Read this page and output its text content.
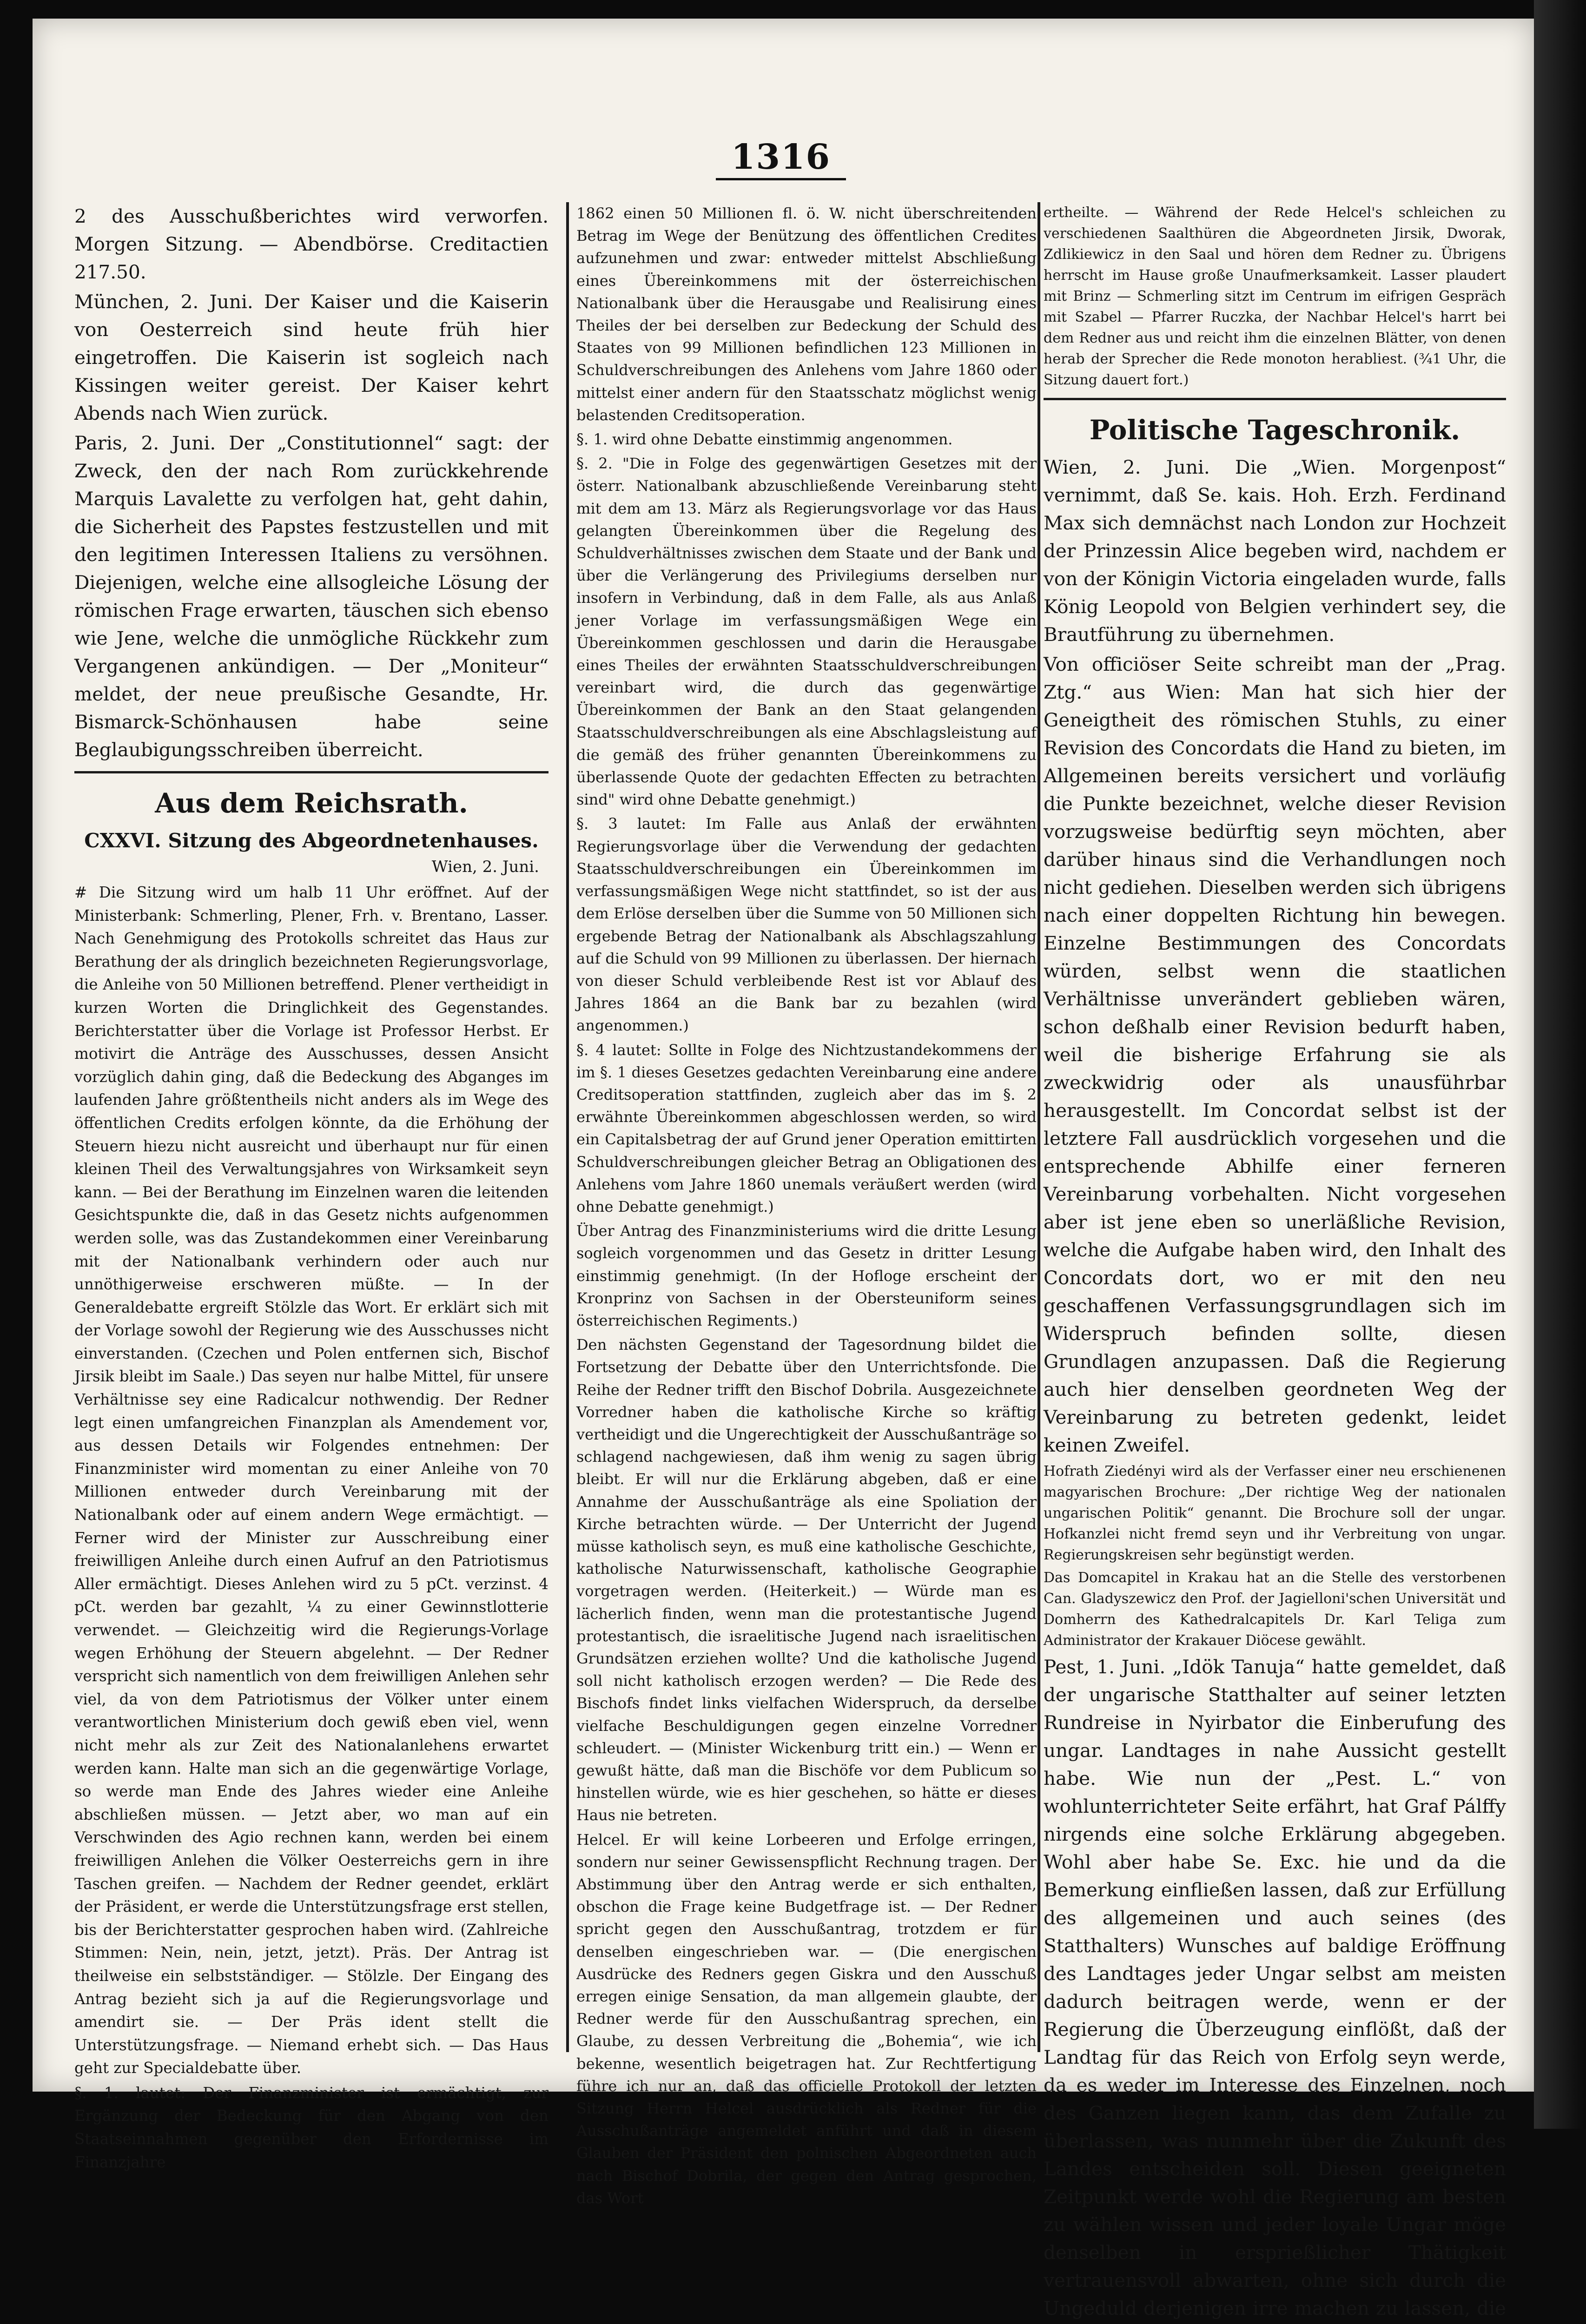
1316

2 des Ausschußberichtes wird verworfen. Morgen Sitzung. — Abendbörse. Creditactien 217.50.

München, 2. Juni. Der Kaiser und die Kaiserin von Oesterreich sind heute früh hier eingetroffen. Die Kaiserin ist sogleich nach Kissingen weiter gereist. Der Kaiser kehrt Abends nach Wien zurück.

Paris, 2. Juni. Der „Constitutionnel“ sagt: der Zweck, den der nach Rom zurückkehrende Marquis Lavalette zu verfolgen hat, geht dahin, die Sicherheit des Papstes festzustellen und mit den legitimen Interessen Italiens zu versöhnen. Diejenigen, welche eine allsogleiche Lösung der römischen Frage erwarten, täuschen sich ebenso wie Jene, welche die unmögliche Rückkehr zum Vergangenen ankündigen. — Der „Moniteur“ meldet, der neue preußische Gesandte, Hr. Bismarck-Schönhausen habe seine Beglaubigungsschreiben überreicht.

Aus dem Reichsrath.
CXXVI. Sitzung des Abgeordnetenhauses.
Wien, 2. Juni.

# Die Sitzung wird um halb 11 Uhr eröffnet. Auf der Ministerbank: Schmerling, Plener, Frh. v. Brentano, Lasser. Nach Genehmigung des Protokolls schreitet das Haus zur Berathung der als dringlich bezeichneten Regierungsvorlage, die Anleihe von 50 Millionen betreffend. Plener vertheidigt in kurzen Worten die Dringlichkeit des Gegenstandes. Berichterstatter über die Vorlage ist Professor Herbst. Er motivirt die Anträge des Ausschusses, dessen Ansicht vorzüglich dahin ging, daß die Bedeckung des Abganges im laufenden Jahre größtentheils nicht anders als im Wege des öffentlichen Credits erfolgen könnte, da die Erhöhung der Steuern hiezu nicht ausreicht und überhaupt nur für einen kleinen Theil des Verwaltungsjahres von Wirksamkeit seyn kann. — Bei der Berathung im Einzelnen waren die leitenden Gesichtspunkte die, daß in das Gesetz nichts aufgenommen werden solle, was das Zustandekommen einer Vereinbarung mit der Nationalbank verhindern oder auch nur unnöthigerweise erschweren müßte. — In der Generaldebatte ergreift Stölzle das Wort. Er erklärt sich mit der Vorlage sowohl der Regierung wie des Ausschusses nicht einverstanden. (Czechen und Polen entfernen sich, Bischof Jirsik bleibt im Saale.) Das seyen nur halbe Mittel, für unsere Verhältnisse sey eine Radicalcur nothwendig. Der Redner legt einen umfangreichen Finanzplan als Amendement vor, aus dessen Details wir Folgendes entnehmen: Der Finanzminister wird momentan zu einer Anleihe von 70 Millionen entweder durch Vereinbarung mit der Nationalbank oder auf einem andern Wege ermächtigt. — Ferner wird der Minister zur Ausschreibung einer freiwilligen Anleihe durch einen Aufruf an den Patriotismus Aller ermächtigt. Dieses Anlehen wird zu 5 pCt. verzinst. 4 pCt. werden bar gezahlt, ¼ zu einer Gewinnstlotterie verwendet. — Gleichzeitig wird die Regierungs-Vorlage wegen Erhöhung der Steuern abgelehnt. — Der Redner verspricht sich namentlich von dem freiwilligen Anlehen sehr viel, da von dem Patriotismus der Völker unter einem verantwortlichen Ministerium doch gewiß eben viel, wenn nicht mehr als zur Zeit des Nationalanlehens erwartet werden kann. Halte man sich an die gegenwärtige Vorlage, so werde man Ende des Jahres wieder eine Anleihe abschließen müssen. — Jetzt aber, wo man auf ein Verschwinden des Agio rechnen kann, werden bei einem freiwilligen Anlehen die Völker Oesterreichs gern in ihre Taschen greifen. — Nachdem der Redner geendet, erklärt der Präsident, er werde die Unterstützungsfrage erst stellen, bis der Berichterstatter gesprochen haben wird. (Zahlreiche Stimmen: Nein, nein, jetzt, jetzt). Präs. Der Antrag ist theilweise ein selbstständiger. — Stölzle. Der Eingang des Antrag bezieht sich ja auf die Regierungsvorlage und amendirt sie. — Der Präs ident stellt die Unterstützungsfrage. — Niemand erhebt sich. — Das Haus geht zur Specialdebatte über.

§. 1. lautet: Der Finanzminister ist ermächtigt, zur Ergänzung der Bedeckung für den Abgang von den Staatseinnahmen gegenüber den Erfordernisse im Finanzjahre

1862 einen 50 Millionen fl. ö. W. nicht überschreitenden Betrag im Wege der Benützung des öffentlichen Credites aufzunehmen und zwar: entweder mittelst Abschließung eines Übereinkommens mit der österreichischen Nationalbank über die Herausgabe und Realisirung eines Theiles der bei derselben zur Bedeckung der Schuld des Staates von 99 Millionen befindlichen 123 Millionen in Schuldverschreibungen des Anlehens vom Jahre 1860 oder mittelst einer andern für den Staatsschatz möglichst wenig belastenden Creditsoperation.

§. 1. wird ohne Debatte einstimmig angenommen.

§. 2. "Die in Folge des gegenwärtigen Gesetzes mit der österr. Nationalbank abzuschließende Vereinbarung steht mit dem am 13. März als Regierungsvorlage vor das Haus gelangten Übereinkommen über die Regelung des Schuldverhältnisses zwischen dem Staate und der Bank und über die Verlängerung des Privilegiums derselben nur insofern in Verbindung, daß in dem Falle, als aus Anlaß jener Vorlage im verfassungsmäßigen Wege ein Übereinkommen geschlossen und darin die Herausgabe eines Theiles der erwähnten Staatsschuldverschreibungen vereinbart wird, die durch das gegenwärtige Übereinkommen der Bank an den Staat gelangenden Staatsschuldverschreibungen als eine Abschlagsleistung auf die gemäß des früher genannten Übereinkommens zu überlassende Quote der gedachten Effecten zu betrachten sind" wird ohne Debatte genehmigt.)

§. 3 lautet: Im Falle aus Anlaß der erwähnten Regierungsvorlage über die Verwendung der gedachten Staatsschuldverschreibungen ein Übereinkommen im verfassungsmäßigen Wege nicht stattfindet, so ist der aus dem Erlöse derselben über die Summe von 50 Millionen sich ergebende Betrag der Nationalbank als Abschlagszahlung auf die Schuld von 99 Millionen zu überlassen. Der hiernach von dieser Schuld verbleibende Rest ist vor Ablauf des Jahres 1864 an die Bank bar zu bezahlen (wird angenommen.)

§. 4 lautet: Sollte in Folge des Nichtzustandekommens der im §. 1 dieses Gesetzes gedachten Vereinbarung eine andere Creditsoperation stattfinden, zugleich aber das im §. 2 erwähnte Übereinkommen abgeschlossen werden, so wird ein Capitalsbetrag der auf Grund jener Operation emittirten Schuldverschreibungen gleicher Betrag an Obligationen des Anlehens vom Jahre 1860 unemals veräußert werden (wird ohne Debatte genehmigt.)

Über Antrag des Finanzministeriums wird die dritte Lesung sogleich vorgenommen und das Gesetz in dritter Lesung einstimmig genehmigt. (In der Hofloge erscheint der Kronprinz von Sachsen in der Obersteuniform seines österreichischen Regiments.)

Den nächsten Gegenstand der Tagesordnung bildet die Fortsetzung der Debatte über den Unterrichtsfonde. Die Reihe der Redner trifft den Bischof Dobrila. Ausgezeichnete Vorredner haben die katholische Kirche so kräftig vertheidigt und die Ungerechtigkeit der Ausschußanträge so schlagend nachgewiesen, daß ihm wenig zu sagen übrig bleibt. Er will nur die Erklärung abgeben, daß er eine Annahme der Ausschußanträge als eine Spoliation der Kirche betrachten würde. — Der Unterricht der Jugend müsse katholisch seyn, es muß eine katholische Geschichte, katholische Naturwissenschaft, katholische Geographie vorgetragen werden. (Heiterkeit.) — Würde man es lächerlich finden, wenn man die protestantische Jugend protestantisch, die israelitische Jugend nach israelitischen Grundsätzen erziehen wollte? Und die katholische Jugend soll nicht katholisch erzogen werden? — Die Rede des Bischofs findet links vielfachen Widerspruch, da derselbe vielfache Beschuldigungen gegen einzelne Vorredner schleudert. — (Minister Wickenburg tritt ein.) — Wenn er gewußt hätte, daß man die Bischöfe vor dem Publicum so hinstellen würde, wie es hier geschehen, so hätte er dieses Haus nie betreten.

Helcel. Er will keine Lorbeeren und Erfolge erringen, sondern nur seiner Gewissenspflicht Rechnung tragen. Der Abstimmung über den Antrag werde er sich enthalten, obschon die Frage keine Budgetfrage ist. — Der Redner spricht gegen den Ausschußantrag, trotzdem er für denselben eingeschrieben war. — (Die energischen Ausdrücke des Redners gegen Giskra und den Ausschuß erregen einige Sensation, da man allgemein glaubte, der Redner werde für den Ausschußantrag sprechen, ein Glaube, zu dessen Verbreitung die „Bohemia“, wie ich bekenne, wesentlich beigetragen hat. Zur Rechtfertigung führe ich nur an, daß das officielle Protokoll der letzten Sitzung Herrn Helcel ausdrücklich als Redner für die Ausschußanträge angemeldet anführt und daß in diesem Glauben der Präsident den polnischen Abgeordneten auch nach Bischof Dobrila, der gegen den Antrag gesprochen, das Wort

ertheilte. — Während der Rede Helcel's schleichen zu verschiedenen Saalthüren die Abgeordneten Jirsik, Dworak, Zdlikiewicz in den Saal und hören dem Redner zu. Übrigens herrscht im Hause große Unaufmerksamkeit. Lasser plaudert mit Brinz — Schmerling sitzt im Centrum im eifrigen Gespräch mit Szabel — Pfarrer Ruczka, der Nachbar Helcel's harrt bei dem Redner aus und reicht ihm die einzelnen Blätter, von denen herab der Sprecher die Rede monoton herabliest. (¾1 Uhr, die Sitzung dauert fort.)

Politische Tageschronik.

Wien, 2. Juni. Die „Wien. Morgenpost“ vernimmt, daß Se. kais. Hoh. Erzh. Ferdinand Max sich demnächst nach London zur Hochzeit der Prinzessin Alice begeben wird, nachdem er von der Königin Victoria eingeladen wurde, falls König Leopold von Belgien verhindert sey, die Brautführung zu übernehmen.

Von officiöser Seite schreibt man der „Prag. Ztg.“ aus Wien: Man hat sich hier der Geneigtheit des römischen Stuhls, zu einer Revision des Concordats die Hand zu bieten, im Allgemeinen bereits versichert und vorläufig die Punkte bezeichnet, welche dieser Revision vorzugsweise bedürftig seyn möchten, aber darüber hinaus sind die Verhandlungen noch nicht gediehen. Dieselben werden sich übrigens nach einer doppelten Richtung hin bewegen. Einzelne Bestimmungen des Concordats würden, selbst wenn die staatlichen Verhältnisse unverändert geblieben wären, schon deßhalb einer Revision bedurft haben, weil die bisherige Erfahrung sie als zweckwidrig oder als unausführbar herausgestellt. Im Concordat selbst ist der letztere Fall ausdrücklich vorgesehen und die entsprechende Abhilfe einer ferneren Vereinbarung vorbehalten. Nicht vorgesehen aber ist jene eben so unerläßliche Revision, welche die Aufgabe haben wird, den Inhalt des Concordats dort, wo er mit den neu geschaffenen Verfassungsgrundlagen sich im Widerspruch befinden sollte, diesen Grundlagen anzupassen. Daß die Regierung auch hier denselben geordneten Weg der Vereinbarung zu betreten gedenkt, leidet keinen Zweifel.

Hofrath Ziedényi wird als der Verfasser einer neu erschienenen magyarischen Brochure: „Der richtige Weg der nationalen ungarischen Politik“ genannt. Die Brochure soll der ungar. Hofkanzlei nicht fremd seyn und ihr Verbreitung von ungar. Regierungskreisen sehr begünstigt werden.

Das Domcapitel in Krakau hat an die Stelle des verstorbenen Can. Gladyszewicz den Prof. der Jagielloni'schen Universität und Domherrn des Kathedralcapitels Dr. Karl Teliga zum Administrator der Krakauer Diöcese gewählt.

Pest, 1. Juni. „Idök Tanuja“ hatte gemeldet, daß der ungarische Statthalter auf seiner letzten Rundreise in Nyirbator die Einberufung des ungar. Landtages in nahe Aussicht gestellt habe. Wie nun der „Pest. L.“ von wohlunterrichteter Seite erfährt, hat Graf Pálffy nirgends eine solche Erklärung abgegeben. Wohl aber habe Se. Exc. hie und da die Bemerkung einfließen lassen, daß zur Erfüllung des allgemeinen und auch seines (des Statthalters) Wunsches auf baldige Eröffnung des Landtages jeder Ungar selbst am meisten dadurch beitragen werde, wenn er der Regierung die Überzeugung einflößt, daß der Landtag für das Reich von Erfolg seyn werde, da es weder im Interesse des Einzelnen, noch des Ganzen liegen kann, das dem Zufalle zu überlassen, was nunmehr über die Zukunft des Landes entscheiden soll. Diesen geeigneten Zeitpunkt werde wohl die Regierung am besten zu wählen wissen und jeder loyale Ungar möge denselben in ersprießlicher Thätigkeit vertrauensvoll abwarten, ohne sich durch die Ungeduld derjenigen irre machen zu lassen, die
